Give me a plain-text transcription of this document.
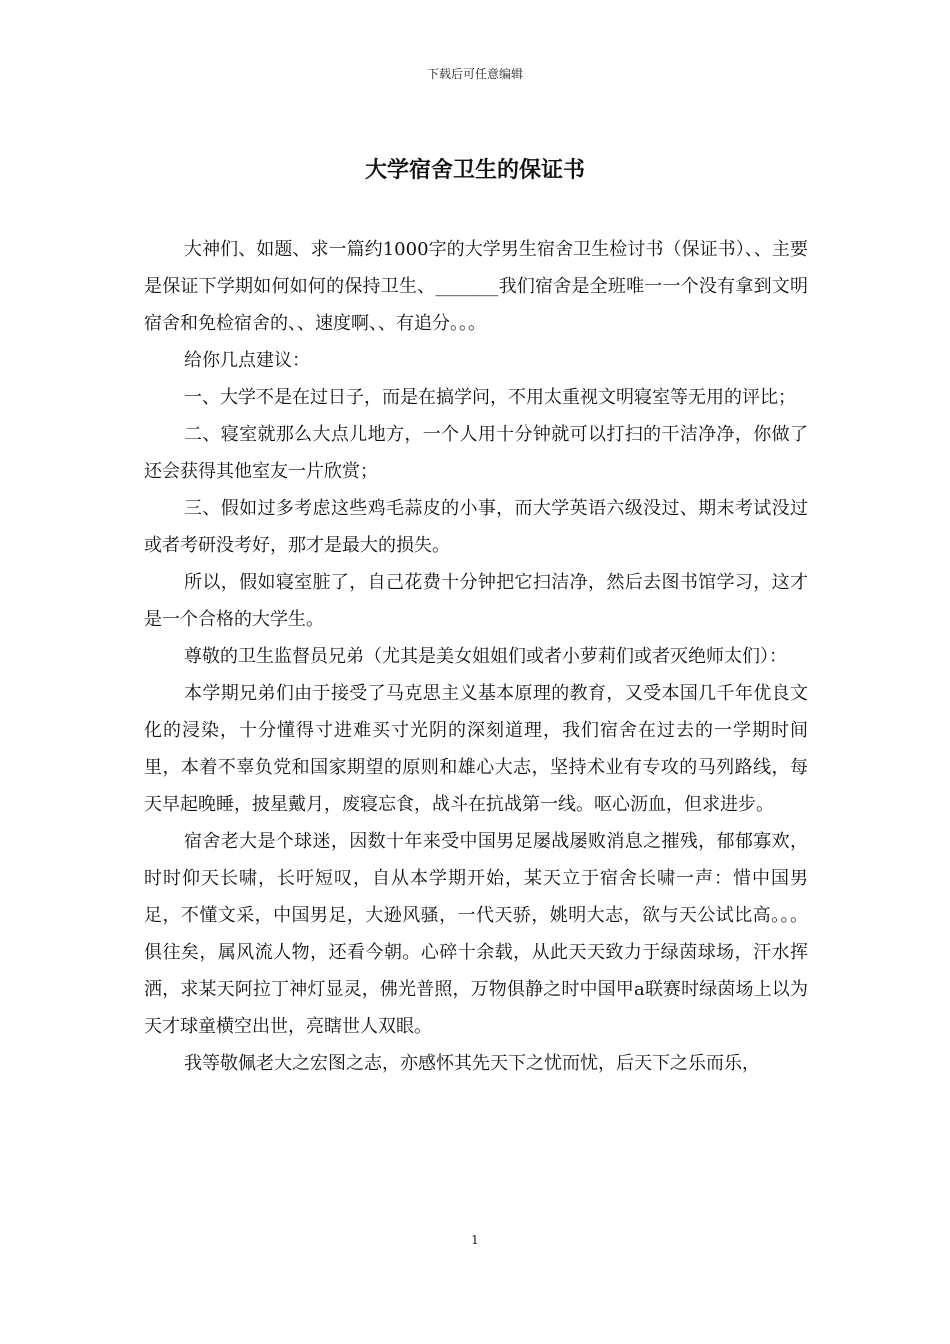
下载后可任意编辑
大学宿舍卫生的保证书

大神们、如题、求一篇约1000字的大学男生宿舍卫生检讨书（保证书）、、主要是保证下学期如何如何的保持卫生、_______我们宿舍是全班唯一一个没有拿到文明宿舍和免检宿舍的、、速度啊、、有追分。。。

给你几点建议：

一、大学不是在过日子，而是在搞学问，不用太重视文明寝室等无用的评比；

二、寝室就那么大点儿地方，一个人用十分钟就可以打扫的干洁净净，你做了还会获得其他室友一片欣赏；

三、假如过多考虑这些鸡毛蒜皮的小事，而大学英语六级没过、期末考试没过或者考研没考好，那才是最大的损失。

所以，假如寝室脏了，自己花费十分钟把它扫洁净，然后去图书馆学习，这才是一个合格的大学生。

尊敬的卫生监督员兄弟（尤其是美女姐姐们或者小萝莉们或者灭绝师太们）：

本学期兄弟们由于接受了马克思主义基本原理的教育，又受本国几千年优良文化的浸染，十分懂得寸进难买寸光阴的深刻道理，我们宿舍在过去的一学期时间里，本着不辜负党和国家期望的原则和雄心大志，坚持术业有专攻的马列路线，每天早起晚睡，披星戴月，废寝忘食，战斗在抗战第一线。呕心沥血，但求进步。

宿舍老大是个球迷，因数十年来受中国男足屡战屡败消息之摧残，郁郁寡欢，时时仰天长啸，长吁短叹，自从本学期开始，某天立于宿舍长啸一声：惜中国男足，不懂文采，中国男足，大逊风骚，一代天骄，姚明大志，欲与天公试比高。。。俱往矣，属风流人物，还看今朝。心碎十余载，从此天天致力于绿茵球场，汗水挥洒，求某天阿拉丁神灯显灵，佛光普照，万物俱静之时中国甲a联赛时绿茵场上以为天才球童横空出世，亮瞎世人双眼。

我等敬佩老大之宏图之志，亦感怀其先天下之忧而忧，后天下之乐而乐，

1
